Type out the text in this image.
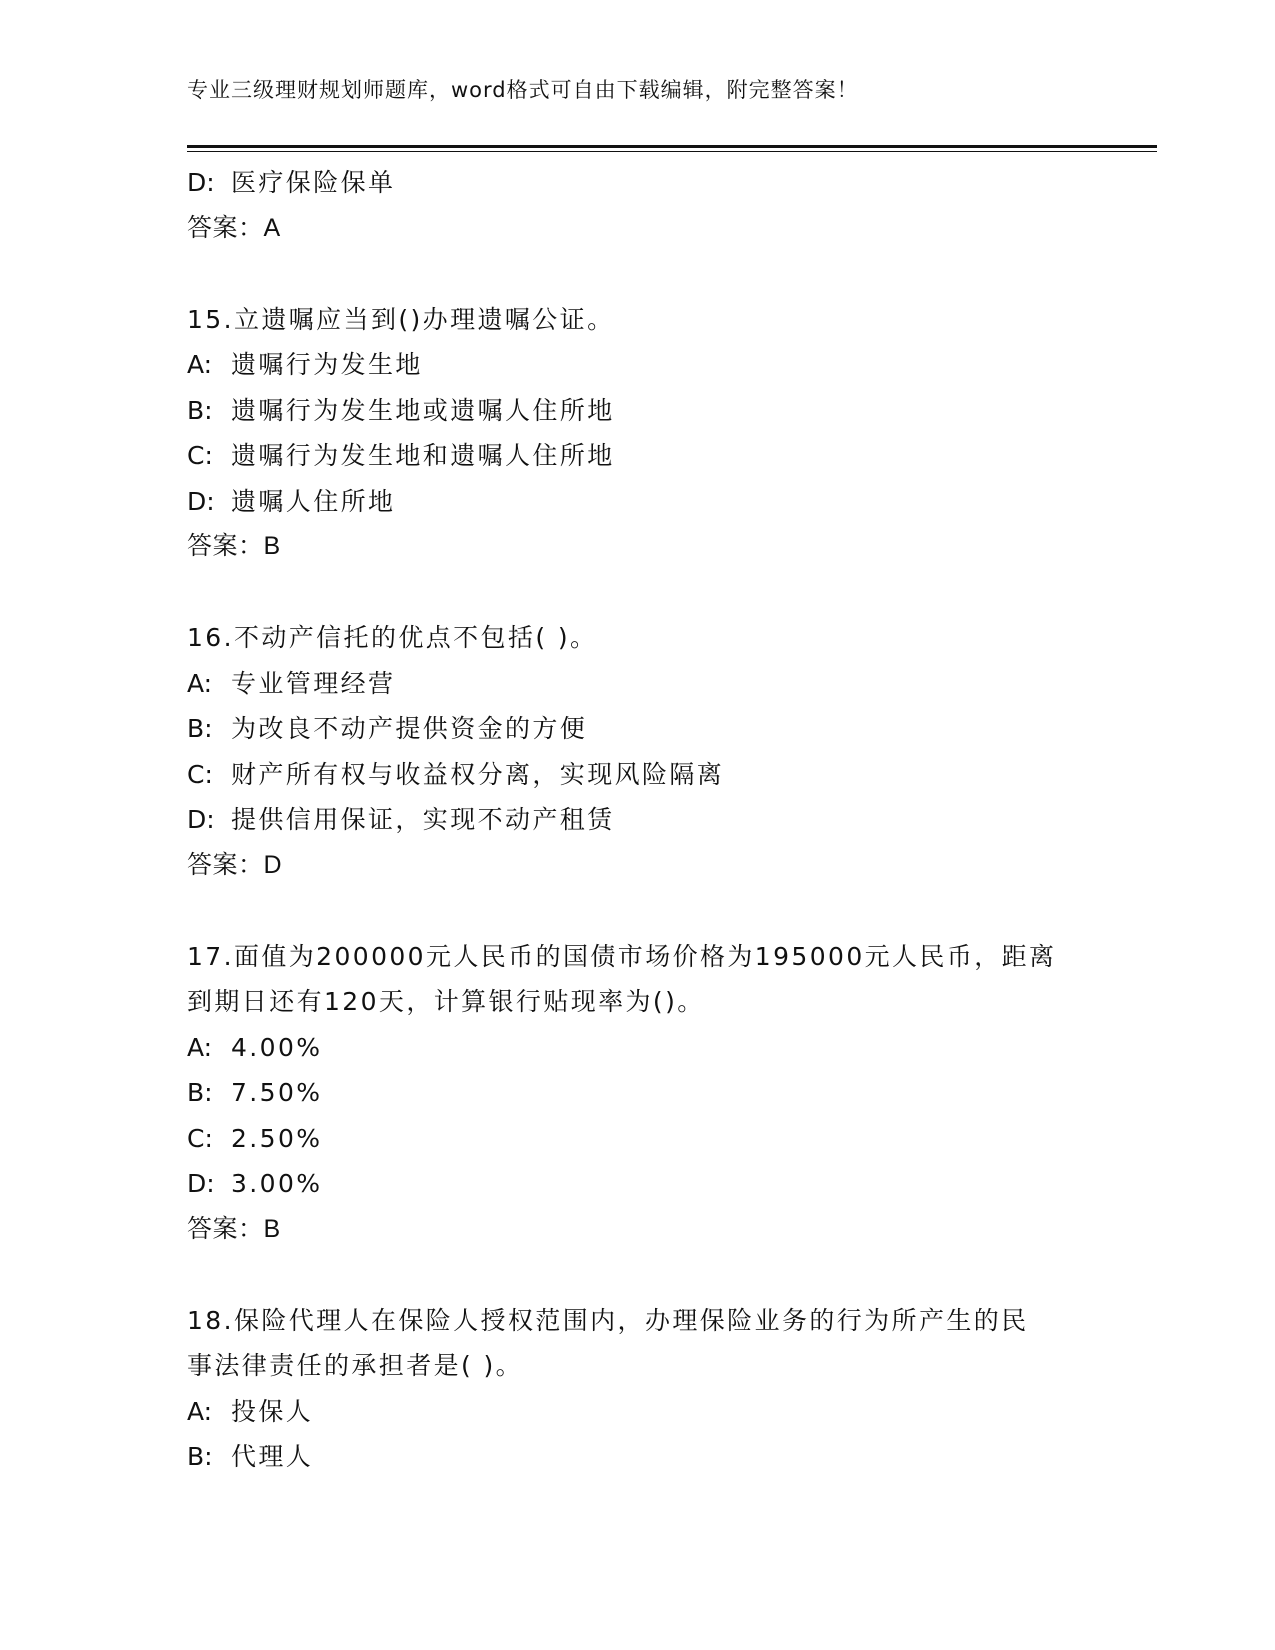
专业三级理财规划师题库，word格式可自由下载编辑，附完整答案！
D: 医疗保险保单
答案：A
15.立遗嘱应当到()办理遗嘱公证。
A: 遗嘱行为发生地
B: 遗嘱行为发生地或遗嘱人住所地
C: 遗嘱行为发生地和遗嘱人住所地
D: 遗嘱人住所地
答案：B
16.不动产信托的优点不包括( )。
A: 专业管理经营
B: 为改良不动产提供资金的方便
C: 财产所有权与收益权分离，实现风险隔离
D: 提供信用保证，实现不动产租赁
答案：D
17.面值为200000元人民币的国债市场价格为195000元人民币，距离
到期日还有120天，计算银行贴现率为()。
A: 4.00%
B: 7.50%
C: 2.50%
D: 3.00%
答案：B
18.保险代理人在保险人授权范围内，办理保险业务的行为所产生的民
事法律责任的承担者是( )。
A: 投保人
B: 代理人
